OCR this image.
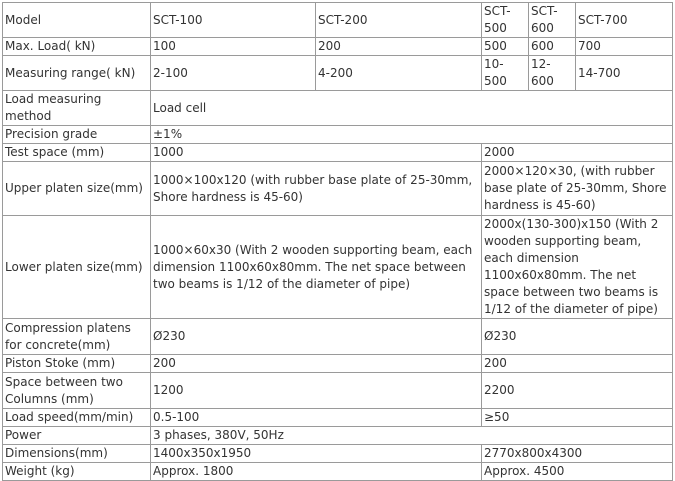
Model	SCT-100	SCT-200	SCT-500	SCT-600	SCT-700
Max. Load( kN)	100	200	500	600	700
Measuring range( kN)	2-100	4-200	10-500	12-600	14-700
Load measuring method	Load cell				
Precision grade	±1%				
Test space (mm)	1000		2000		
Upper platen size(mm)	1000×100x120 (with rubber base plate of 25-30mm, Shore hardness is 45-60)		2000×120×30, (with rubber base plate of 25-30mm, Shore hardness is 45-60)		
Lower platen size(mm)	1000×60x30 (With 2 wooden supporting beam, each dimension 1100x60x80mm. The net space between two beams is 1/12 of the diameter of pipe)		2000x(130-300)x150 (With 2 wooden supporting beam, each dimension 1100x60x80mm. The net space between two beams is 1/12 of the diameter of pipe)		
Compression platens for concrete(mm)	Ø230		Ø230		
Piston Stoke (mm)	200		200		
Space between two Columns (mm)	1200		2200		
Load speed(mm/min)	0.5-100		≥50		
Power	3 phases, 380V, 50Hz				
Dimensions(mm)	1400x350x1950		2770x800x4300		
Weight (kg)	Approx. 1800		Approx. 4500		
